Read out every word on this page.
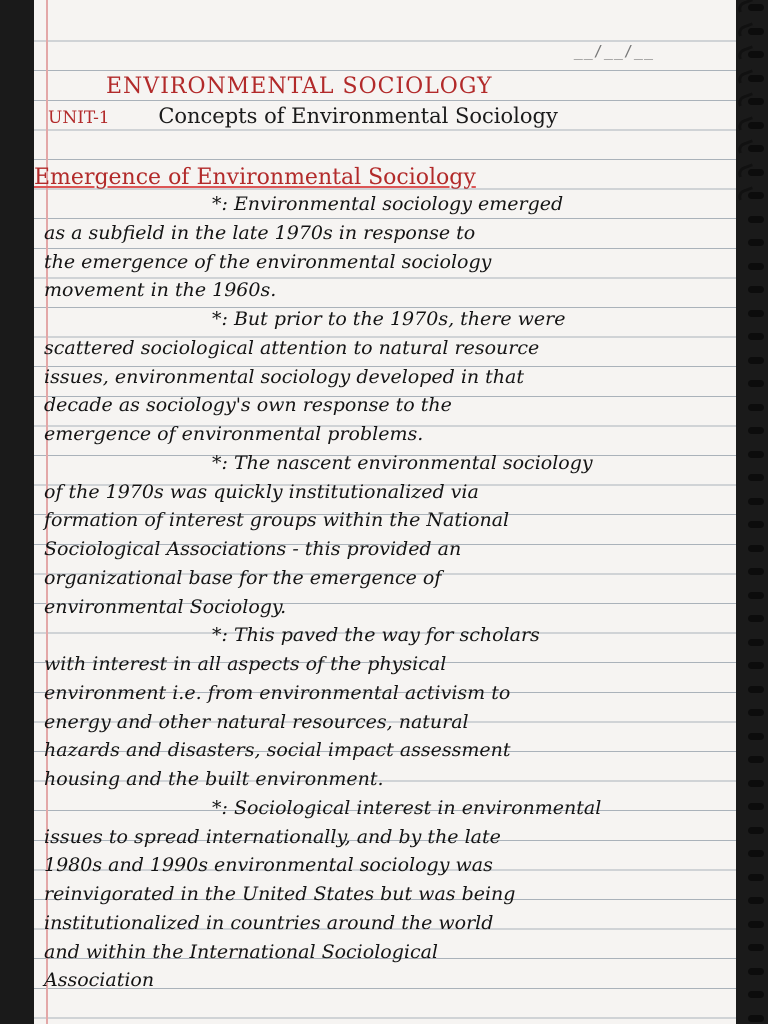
__/__/__
ENVIRONMENTAL SOCIOLOGY
UNIT-1 Concepts of Environmental Sociology
Emergence of Environmental Sociology
*: Environmental sociology emerged
as a subfield in the late 1970s in response to
the emergence of the environmental sociology
movement in the 1960s.
*: But prior to the 1970s, there were
scattered sociological attention to natural resource
issues, environmental sociology developed in that
decade as sociology's own response to the
emergence of environmental problems.
*: The nascent environmental sociology
of the 1970s was quickly institutionalized via
formation of interest groups within the National
Sociological Associations - this provided an
organizational base for the emergence of
environmental Sociology.
*: This paved the way for scholars
with interest in all aspects of the physical
environment i.e. from environmental activism to
energy and other natural resources, natural
hazards and disasters, social impact assessment
housing and the built environment.
*: Sociological interest in environmental
issues to spread internationally, and by the late
1980s and 1990s environmental sociology was
reinvigorated in the United States but was being
institutionalized in countries around the world
and within the International Sociological
Association
